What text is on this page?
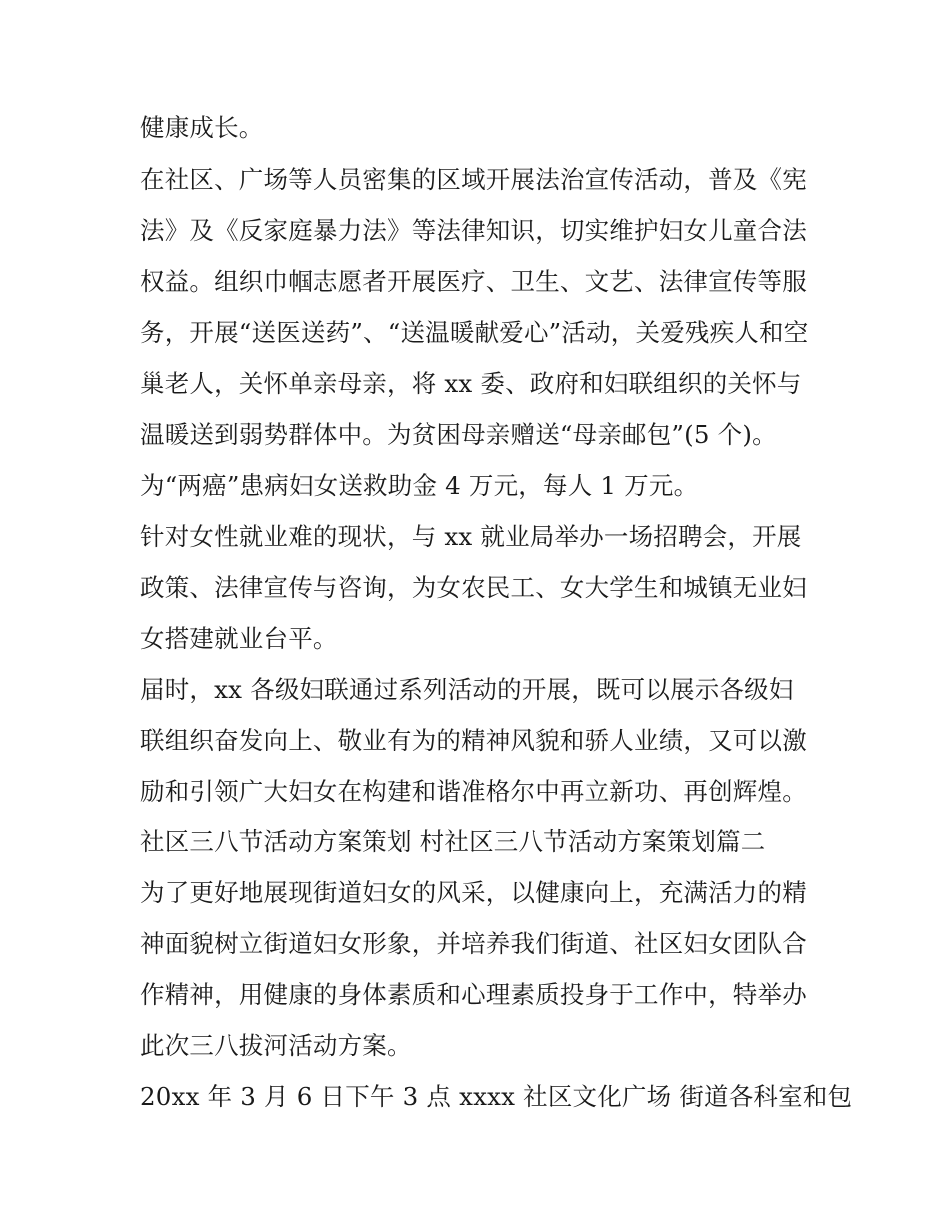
健康成长。
在社区、广场等人员密集的区域开展法治宣传活动，普及《宪
法》及《反家庭暴力法》等法律知识，切实维护妇女儿童合法
权益。组织巾帼志愿者开展医疗、卫生、文艺、法律宣传等服
务，开展“送医送药”、“送温暖献爱心”活动，关爱残疾人和空
巢老人，关怀单亲母亲，将 xx 委、政府和妇联组织的关怀与
温暖送到弱势群体中。为贫困母亲赠送“母亲邮包”(5 个)。
为“两癌”患病妇女送救助金 4 万元，每人 1 万元。
针对女性就业难的现状，与 xx 就业局举办一场招聘会，开展
政策、法律宣传与咨询，为女农民工、女大学生和城镇无业妇
女搭建就业台平。
届时，xx 各级妇联通过系列活动的开展，既可以展示各级妇
联组织奋发向上、敬业有为的精神风貌和骄人业绩，又可以激
励和引领广大妇女在构建和谐准格尔中再立新功、再创辉煌。
社区三八节活动方案策划 村社区三八节活动方案策划篇二
为了更好地展现街道妇女的风采，以健康向上，充满活力的精
神面貌树立街道妇女形象，并培养我们街道、社区妇女团队合
作精神，用健康的身体素质和心理素质投身于工作中，特举办
此次三八拔河活动方案。
20xx 年 3 月 6 日下午 3 点 xxxx 社区文化广场 街道各科室和包
